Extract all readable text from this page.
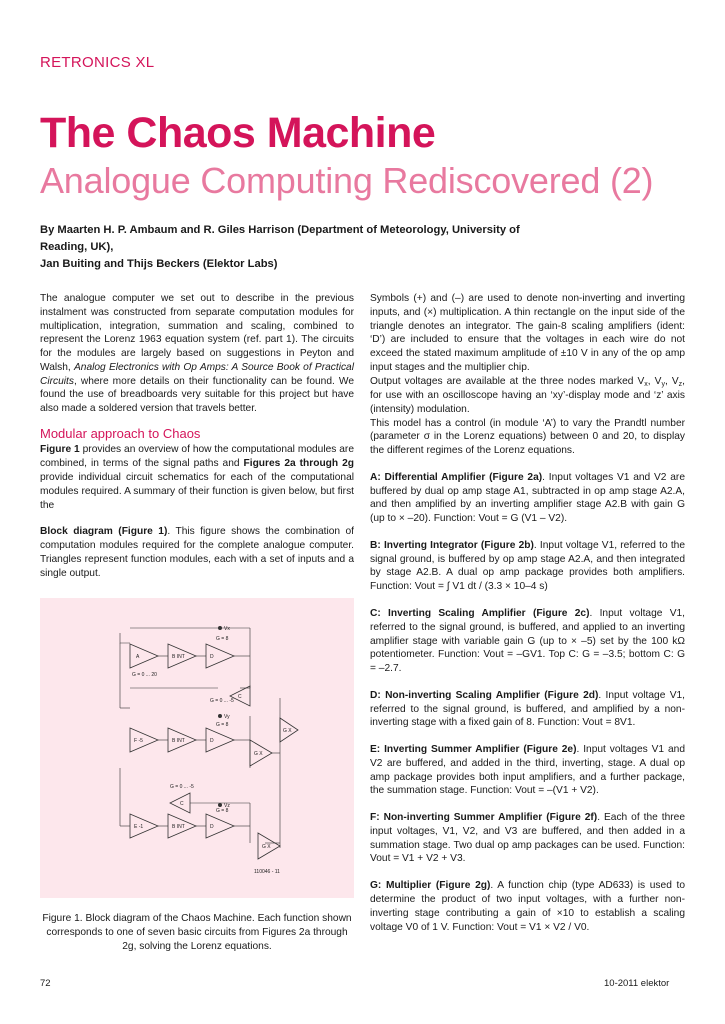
RETRONICS XL
The Chaos Machine
Analogue Computing Rediscovered (2)
By Maarten H. P. Ambaum and R. Giles Harrison (Department of Meteorology, University of Reading, UK),
Jan Buiting and Thijs Beckers (Elektor Labs)

The analogue computer we set out to describe in the previous instalment was constructed from separate computation modules for multiplication, integration, summation and scaling, combined to represent the Lorenz 1963 equation system (ref. part 1). The circuits for the modules are largely based on suggestions in Peyton and Walsh, Analog Electronics with Op Amps: A Source Book of Practical Circuits, where more details on their functionality can be found. We found the use of breadboards very suitable for this project but have also made a soldered version that travels better.

Modular approach to Chaos

Figure 1 provides an overview of how the computational modules are combined, in terms of the signal paths and Figures 2a through 2g provide individual circuit schematics for each of the computational modules required. A summary of their function is given below, but first the

Block diagram (Figure 1). This figure shows the combination of computation modules required for the complete analogue computer. Triangles represent function modules, each with a set of inputs and a single output.

Vx
Vy
Vz
G = 8
G = 8
G = 8
G = 0 ... 20
G = 0 ... -5
G = 0 ... -5
A	B INT	D
C
F -5	B INT	D
C
E -1	B INT	D
G X
G X
G X
110046 - 11
Figure 1. Block diagram of the Chaos Machine. Each function shown corresponds to one of seven basic circuits from Figures 2a through 2g, solving the Lorenz equations.

Symbols (+) and (–) are used to denote non-inverting and inverting inputs, and (×) multiplication. A thin rectangle on the input side of the triangle denotes an integrator. The gain-8 scaling amplifiers (ident: ‘D’) are included to ensure that the voltages in each wire do not exceed the stated maximum amplitude of ±10 V in any of the op amp input stages and the multiplier chip.

Output voltages are available at the three nodes marked $V_x$, $V_y$, $V_z$, for use with an oscilloscope having an ‘xy’-display mode and ‘z’ axis (intensity) modulation.

This model has a control (in module ‘A’) to vary the Prandtl number (parameter σ in the Lorenz equations) between 0 and 20, to display the different regimes of the Lorenz equations.

A: Differential Amplifier (Figure 2a). Input voltages V1 and V2 are buffered by dual op amp stage A1, subtracted in op amp stage A2.A, and then amplified by an inverting amplifier stage A2.B with gain G (up to × –20). Function: Vout = G (V1 – V2).

B: Inverting Integrator (Figure 2b). Input voltage V1, referred to the signal ground, is buffered by op amp stage A2.A, and then integrated by stage A2.B. A dual op amp package provides both amplifiers. Function: Vout = ∫ V1 dt / (3.3 × 10–4 s)

C: Inverting Scaling Amplifier (Figure 2c). Input voltage V1, referred to the signal ground, is buffered, and applied to an inverting amplifier stage with variable gain G (up to × –5) set by the 100 kΩ potentiometer. Function: Vout = –GV1. Top C: G = –3.5; bottom C: G = –2.7.

D: Non-inverting Scaling Amplifier (Figure 2d). Input voltage V1, referred to the signal ground, is buffered, and amplified by a non-inverting stage with a fixed gain of 8. Function: Vout = 8V1.

E: Inverting Summer Amplifier (Figure 2e). Input voltages V1 and V2 are buffered, and added in the third, inverting, stage. A dual op amp package provides both input amplifiers, and a further package, the summation stage. Function: Vout = –(V1 + V2).

F: Non-inverting Summer Amplifier (Figure 2f). Each of the three input voltages, V1, V2, and V3 are buffered, and then added in a summation stage. Two dual op amp packages can be used. Function: Vout = V1 + V2 + V3.

G: Multiplier (Figure 2g). A function chip (type AD633) is used to determine the product of two input voltages, with a further non-inverting stage contributing a gain of ×10 to establish a scaling voltage V0 of 1 V. Function: Vout = V1 × V2 / V0.

72	10-2011 elektor
